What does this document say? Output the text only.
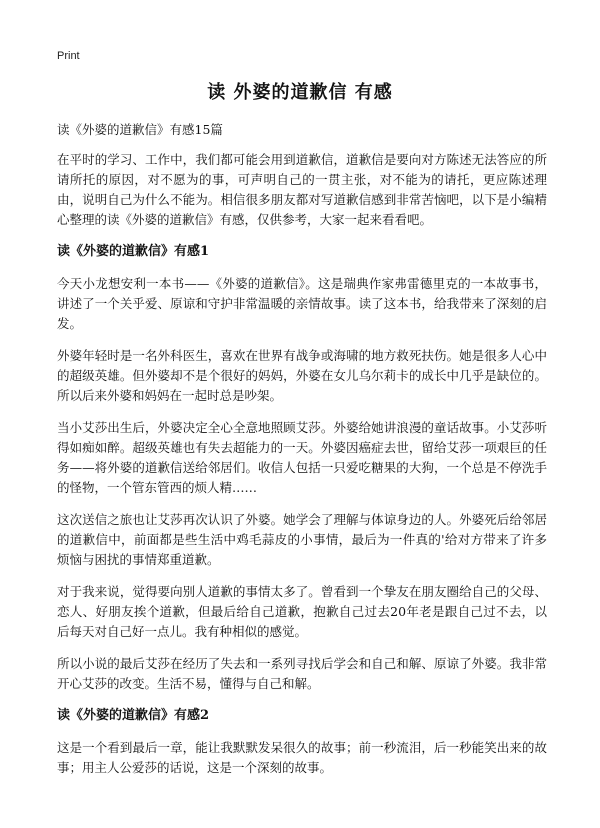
Print
读 外婆的道歉信 有感

读《外婆的道歉信》有感15篇

在平时的学习、工作中，我们都可能会用到道歉信，道歉信是要向对方陈述无法答应的所请所托的原因，对不愿为的事，可声明自己的一贯主张，对不能为的请托，更应陈述理由，说明自己为什么不能为。相信很多朋友都对写道歉信感到非常苦恼吧，以下是小编精心整理的读《外婆的道歉信》有感，仅供参考，大家一起来看看吧。

读《外婆的道歉信》有感1

今天小龙想安利一本书——《外婆的道歉信》。这是瑞典作家弗雷德里克的一本故事书，讲述了一个关乎爱、原谅和守护非常温暖的亲情故事。读了这本书，给我带来了深刻的启发。

外婆年轻时是一名外科医生，喜欢在世界有战争或海啸的地方救死扶伤。她是很多人心中的超级英雄。但外婆却不是个很好的妈妈，外婆在女儿乌尔莉卡的成长中几乎是缺位的。所以后来外婆和妈妈在一起时总是吵架。

当小艾莎出生后，外婆决定全心全意地照顾艾莎。外婆给她讲浪漫的童话故事。小艾莎听得如痴如醉。超级英雄也有失去超能力的一天。外婆因癌症去世，留给艾莎一项艰巨的任务——将外婆的道歉信送给邻居们。收信人包括一只爱吃糖果的大狗，一个总是不停洗手的怪物，一个管东管西的烦人精……

这次送信之旅也让艾莎再次认识了外婆。她学会了理解与体谅身边的人。外婆死后给邻居的道歉信中，前面都是些生活中鸡毛蒜皮的小事情，最后为一件真的'给对方带来了许多烦恼与困扰的事情郑重道歉。

对于我来说，觉得要向别人道歉的事情太多了。曾看到一个挚友在朋友圈给自己的父母、恋人、好朋友挨个道歉，但最后给自己道歉，抱歉自己过去20年老是跟自己过不去，以后每天对自己好一点儿。我有种相似的感觉。

所以小说的最后艾莎在经历了失去和一系列寻找后学会和自己和解、原谅了外婆。我非常开心艾莎的改变。生活不易，懂得与自己和解。

读《外婆的道歉信》有感2

这是一个看到最后一章，能让我默默发呆很久的故事；前一秒流泪，后一秒能笑出来的故事；用主人公爱莎的话说，这是一个深刻的故事。
